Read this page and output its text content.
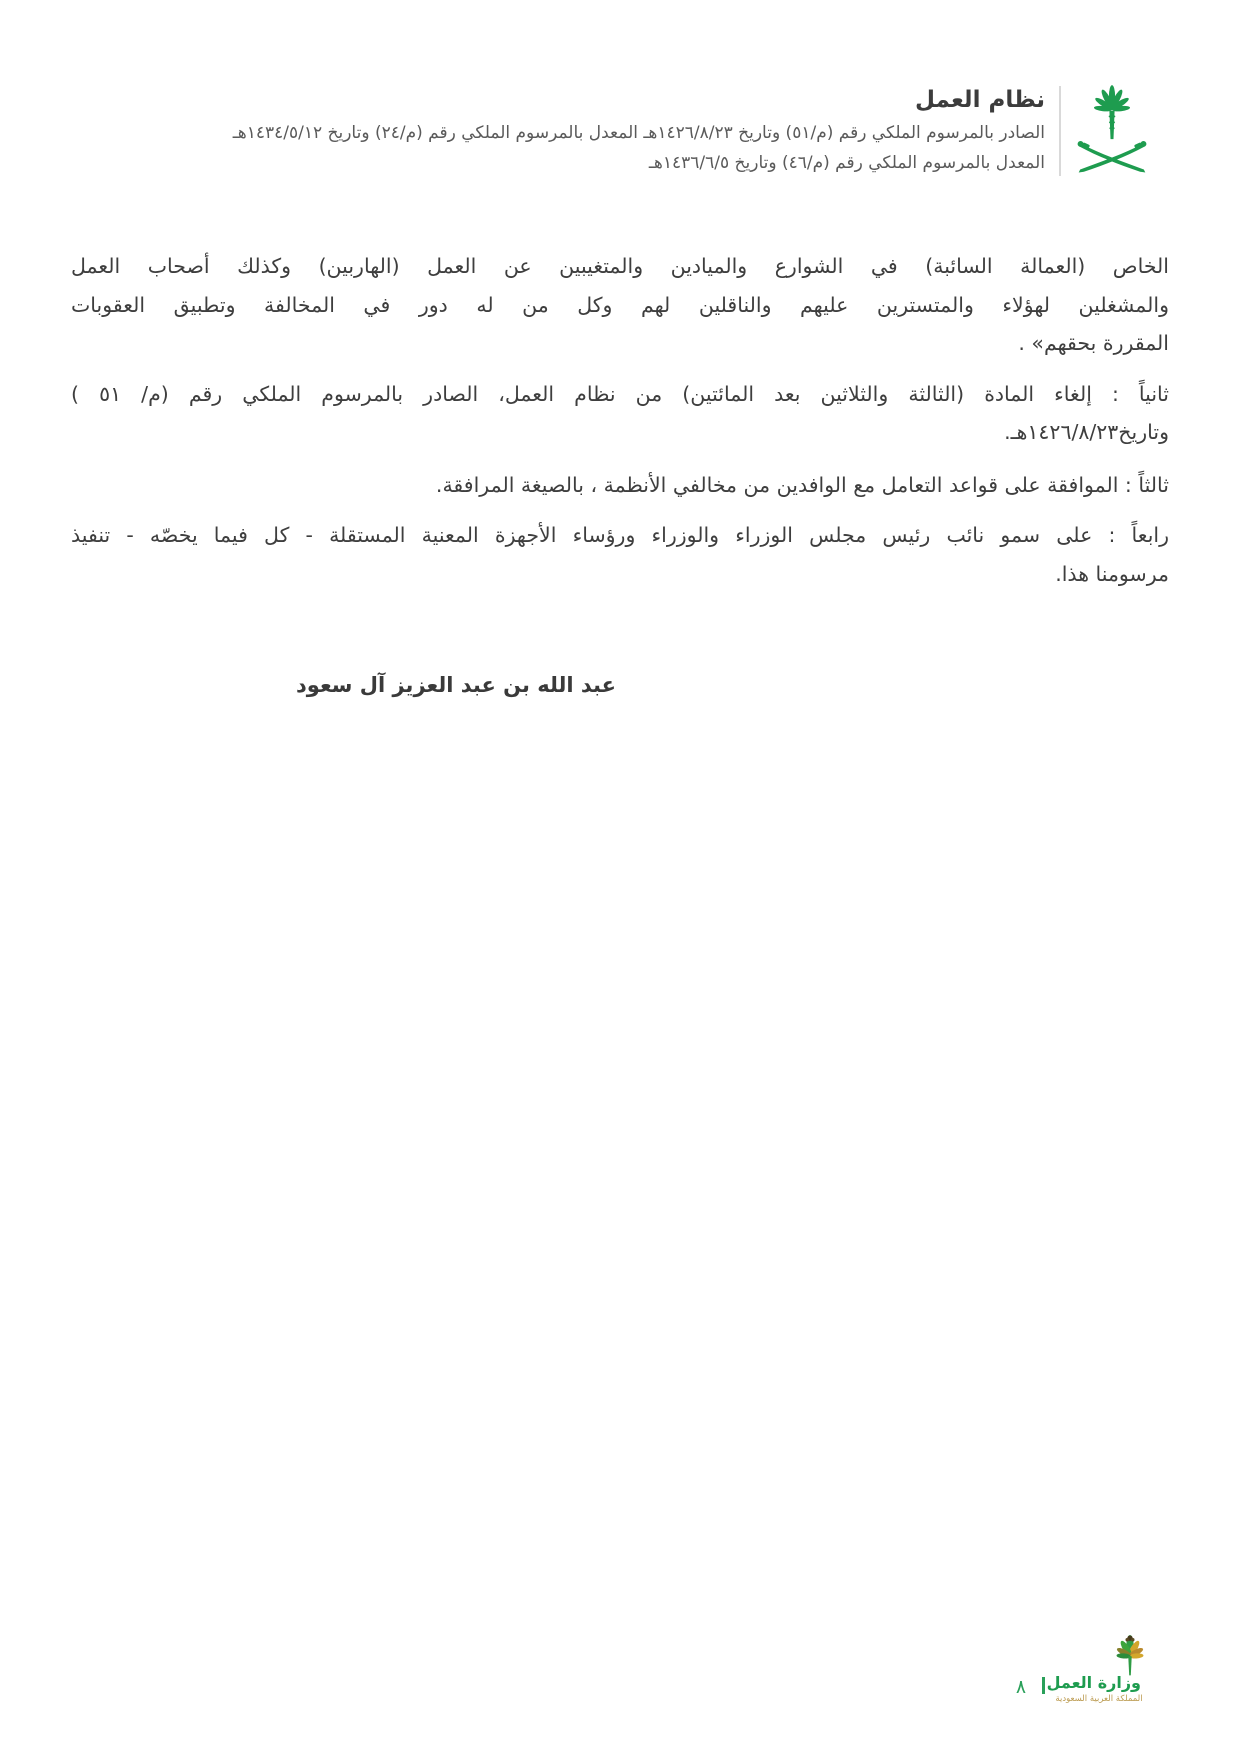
نظام العمل
الصادر بالمرسوم الملكي رقم (م/٥١) وتاريخ ١٤٢٦/٨/٢٣هـ المعدل بالمرسوم الملكي رقم (م/٢٤) وتاريخ ١٤٣٤/٥/١٢هـ
المعدل بالمرسوم الملكي رقم (م/٤٦) وتاريخ ١٤٣٦/٦/٥هـ
الخاص (العمالة السائبة) في الشوارع والميادين والمتغيبين عن العمل (الهاربين) وكذلك أصحاب العمل
والمشغلين لهؤلاء والمتسترين عليهم والناقلين لهم وكل من له دور في المخالفة وتطبيق العقوبات
المقررة بحقهم» .
ثانياً : إلغاء المادة (الثالثة والثلاثين بعد المائتين) من نظام العمل، الصادر بالمرسوم الملكي رقم (م/ ٥١ )
وتاريخ١٤٢٦/٨/٢٣هـ.
ثالثاً : الموافقة على قواعد التعامل مع الوافدين من مخالفي الأنظمة ، بالصيغة المرافقة.
رابعاً : على سمو نائب رئيس مجلس الوزراء والوزراء ورؤساء الأجهزة المعنية المستقلة - كل فيما يخصّه - تنفيذ
مرسومنا هذا.
عبد الله بن عبد العزيز آل سعود
وزارة العمل
المملكة العربية السعودية
٨
